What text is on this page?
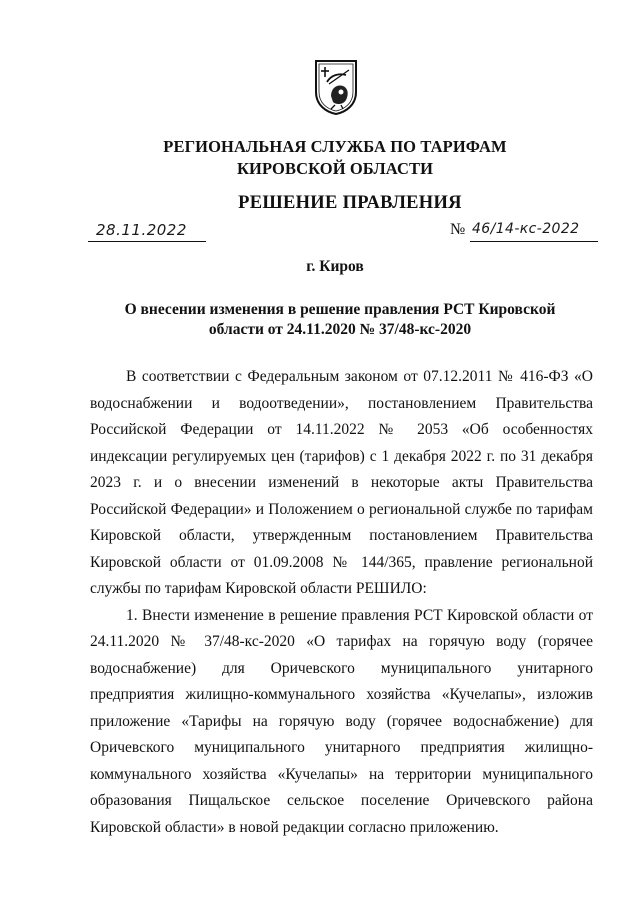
РЕГИОНАЛЬНАЯ СЛУЖБА ПО ТАРИФАМ
КИРОВСКОЙ ОБЛАСТИ
РЕШЕНИЕ ПРАВЛЕНИЯ
28.11.2022	№ 46/14-кс-2022
г. Киров
О внесении изменения в решение правления РСТ Кировской
области от 24.11.2020 № 37/48-кс-2020

В соответствии с Федеральным законом от 07.12.2011 № 416-ФЗ «О водоснабжении и водоотведении», постановлением Правительства Российской Федерации от 14.11.2022 № 2053 «Об особенностях индексации регулируемых цен (тарифов) с 1 декабря 2022 г. по 31 декабря 2023 г. и о внесении изменений в некоторые акты Правительства Российской Федерации» и Положением о региональной службе по тарифам Кировской области, утвержденным постановлением Правительства Кировской области от 01.09.2008 № 144/365, правление региональной службы по тарифам Кировской области РЕШИЛО:

1. Внести изменение в решение правления РСТ Кировской области от 24.11.2020 № 37/48-кс-2020 «О тарифах на горячую воду (горячее водоснабжение) для Оричевского муниципального унитарного предприятия жилищно-коммунального хозяйства «Кучелапы», изложив приложение «Тарифы на горячую воду (горячее водоснабжение) для Оричевского муниципального унитарного предприятия жилищно-коммунального хозяйства «Кучелапы» на территории муниципального образования Пищальское сельское поселение Оричевского района Кировской области» в новой редакции согласно приложению.
